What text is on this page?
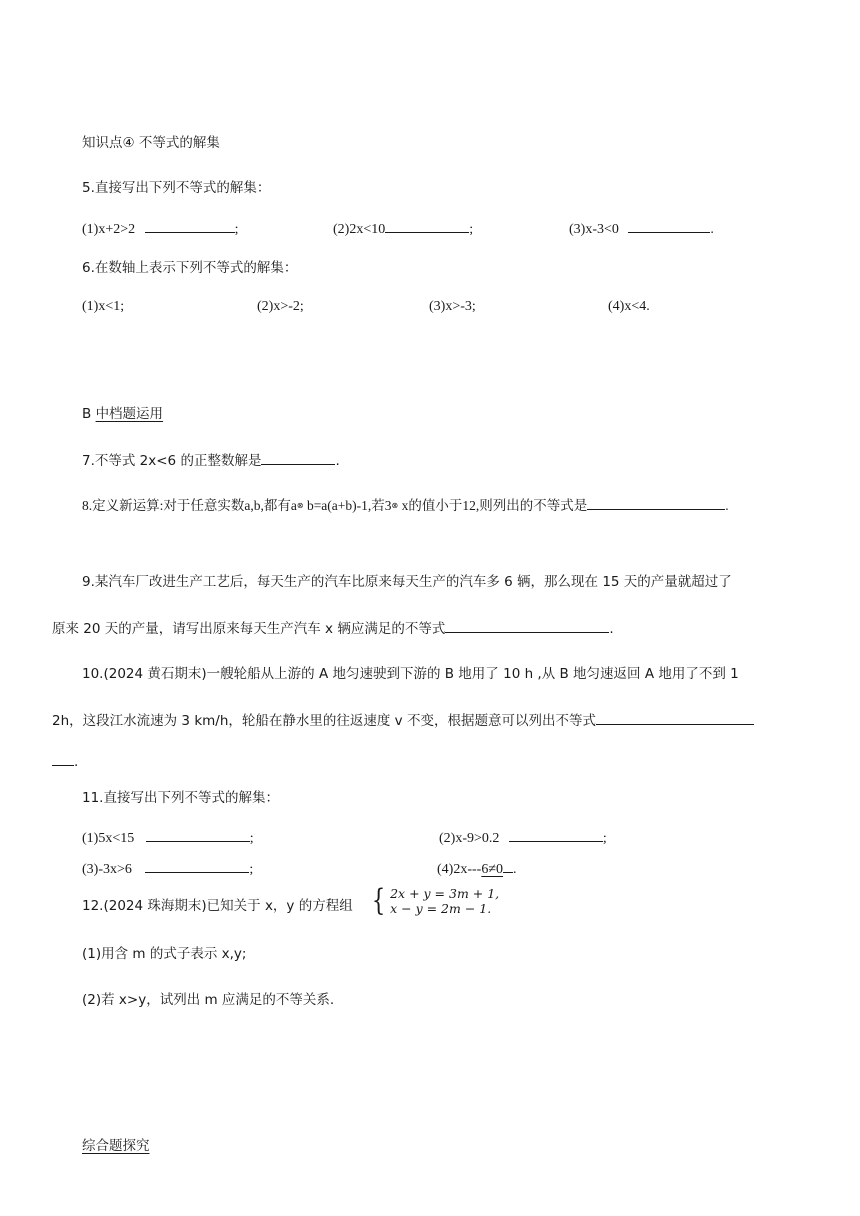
知识点④ 不等式的解集
5.直接写出下列不等式的解集：
(1)x+2>2	;	(2)2x<10	;	(3)x-3<0	.
6.在数轴上表示下列不等式的解集：
(1)x<1;	(2)x>-2;	(3)x>-3;	(4)x<4.
B 中档题运用
7.不等式 2x<6 的正整数解是	.
8.定义新运算:对于任意实数a,b,都有a⊗ b=a(a+b)-1,若3⊗ x的值小于12,则列出的不等式是	.
9.某汽车厂改进生产工艺后，每天生产的汽车比原来每天生产的汽车多 6 辆，那么现在 15 天的产量就超过了
原来 20 天的产量，请写出原来每天生产汽车 x 辆应满足的不等式	.
10.(2024 黄石期末)一艘轮船从上游的 A 地匀速驶到下游的 B 地用了 10 h ,从 B 地匀速返回 A 地用了不到 1
2h，这段江水流速为 3 km/h，轮船在静水里的往返速度 v 不变，根据题意可以列出不等式
.
11.直接写出下列不等式的解集：
(1)5x<15	;	(2)x-9>0.2	;
(3)-3x>6	;	(4)2x---6≠0 .
12.(2024 珠海期末)已知关于 x，y 的方程组 { 2x + y = 3m + 1,
x − y = 2m − 1.
(1)用含 m 的式子表示 x,y;
(2)若 x>y，试列出 m 应满足的不等关系.
综合题探究
